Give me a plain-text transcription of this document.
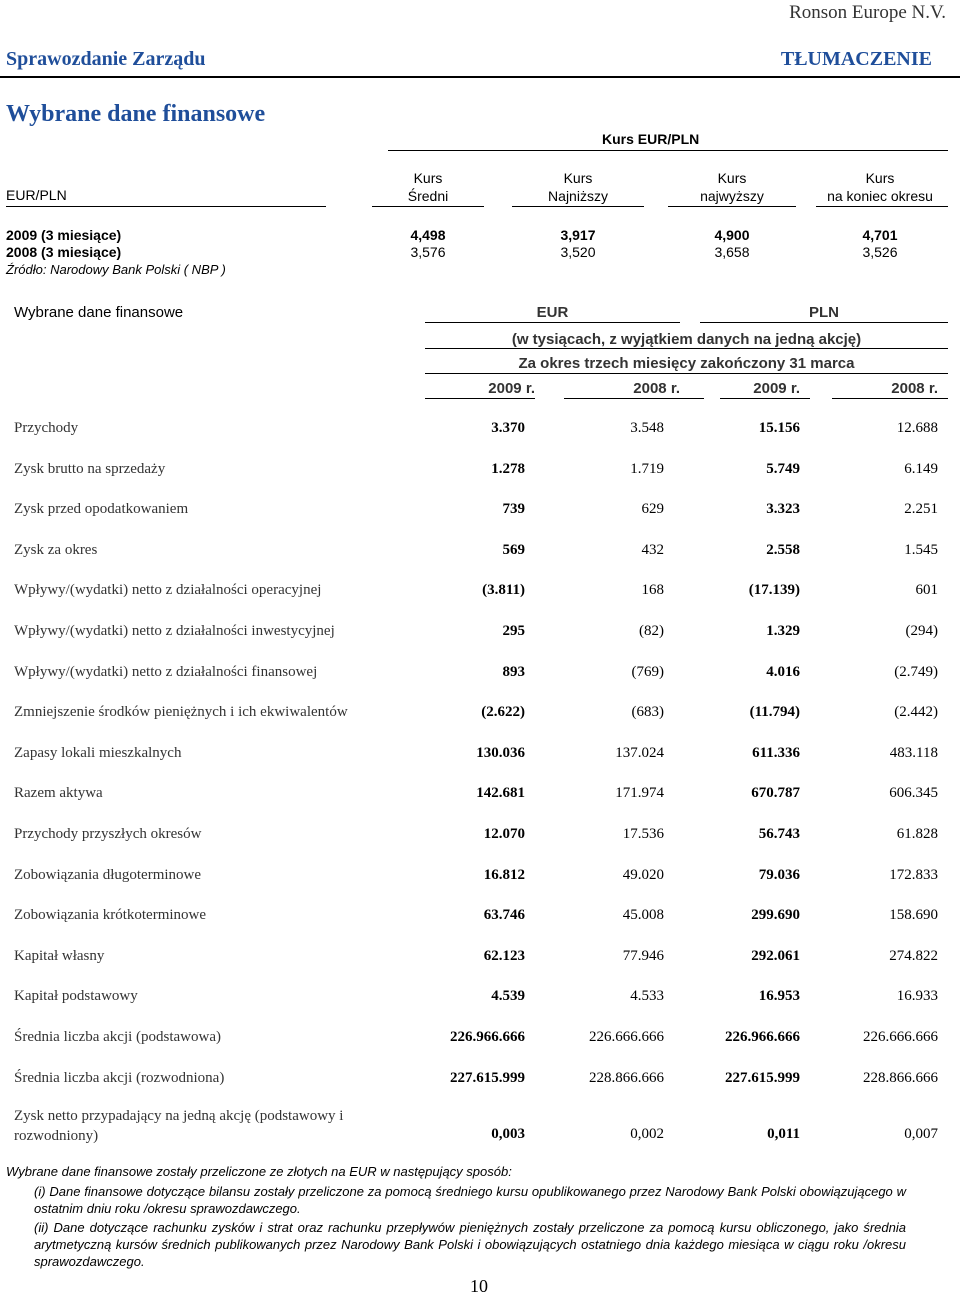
Ronson Europe N.V.
Sprawozdanie Zarządu	TŁUMACZENIE
Wybrane dane finansowe
Kurs EUR/PLN
EUR/PLN
Kurs
Średni
Kurs
Najniższy
Kurs
najwyższy
Kurs
na koniec okresu
2009 (3 miesiące)	4,498	3,917	4,900	4,701
2008 (3 miesiące)	3,576	3,520	3,658	3,526
Źródło: Narodowy Bank Polski ( NBP )
Wybrane dane finansowe	EUR	PLN
(w tysiącach, z wyjątkiem danych na jedną akcję)
Za okres trzech miesięcy zakończony 31 marca
2009 r.	2008 r.	2009 r.	2008 r.
Przychody	3.370	3.548	15.156	12.688
Zysk brutto na sprzedaży	1.278	1.719	5.749	6.149
Zysk przed opodatkowaniem	739	629	3.323	2.251
Zysk za okres	569	432	2.558	1.545
Wpływy/(wydatki) netto z działalności operacyjnej	(3.811)	168	(17.139)	601
Wpływy/(wydatki) netto z działalności inwestycyjnej	295	(82)	1.329	(294)
Wpływy/(wydatki) netto z działalności finansowej	893	(769)	4.016	(2.749)
Zmniejszenie środków pieniężnych i ich ekwiwalentów	(2.622)	(683)	(11.794)	(2.442)
Zapasy lokali mieszkalnych	130.036	137.024	611.336	483.118
Razem aktywa	142.681	171.974	670.787	606.345
Przychody przyszłych okresów	12.070	17.536	56.743	61.828
Zobowiązania długoterminowe	16.812	49.020	79.036	172.833
Zobowiązania krótkoterminowe	63.746	45.008	299.690	158.690
Kapitał własny	62.123	77.946	292.061	274.822
Kapitał podstawowy	4.539	4.533	16.953	16.933
Średnia liczba akcji (podstawowa)	226.966.666	226.666.666	226.966.666	226.666.666
Średnia liczba akcji (rozwodniona)	227.615.999	228.866.666	227.615.999	228.866.666
Zysk netto przypadający na jedną akcję (podstawowy i
rozwodniony)	0,003	0,002	0,011	0,007
Wybrane dane finansowe zostały przeliczone ze złotych na EUR w następujący sposób:
(i) Dane finansowe dotyczące bilansu zostały przeliczone za pomocą średniego kursu opublikowanego przez Narodowy Bank Polski obowiązującego w ostatnim dniu roku /okresu sprawozdawczego.
(ii) Dane dotyczące rachunku zysków i strat oraz rachunku przepływów pieniężnych zostały przeliczone za pomocą kursu obliczonego, jako średnia arytmetyczną kursów średnich publikowanych przez Narodowy Bank Polski i obowiązujących ostatniego dnia każdego miesiąca w ciągu roku /okresu sprawozdawczego.
10
